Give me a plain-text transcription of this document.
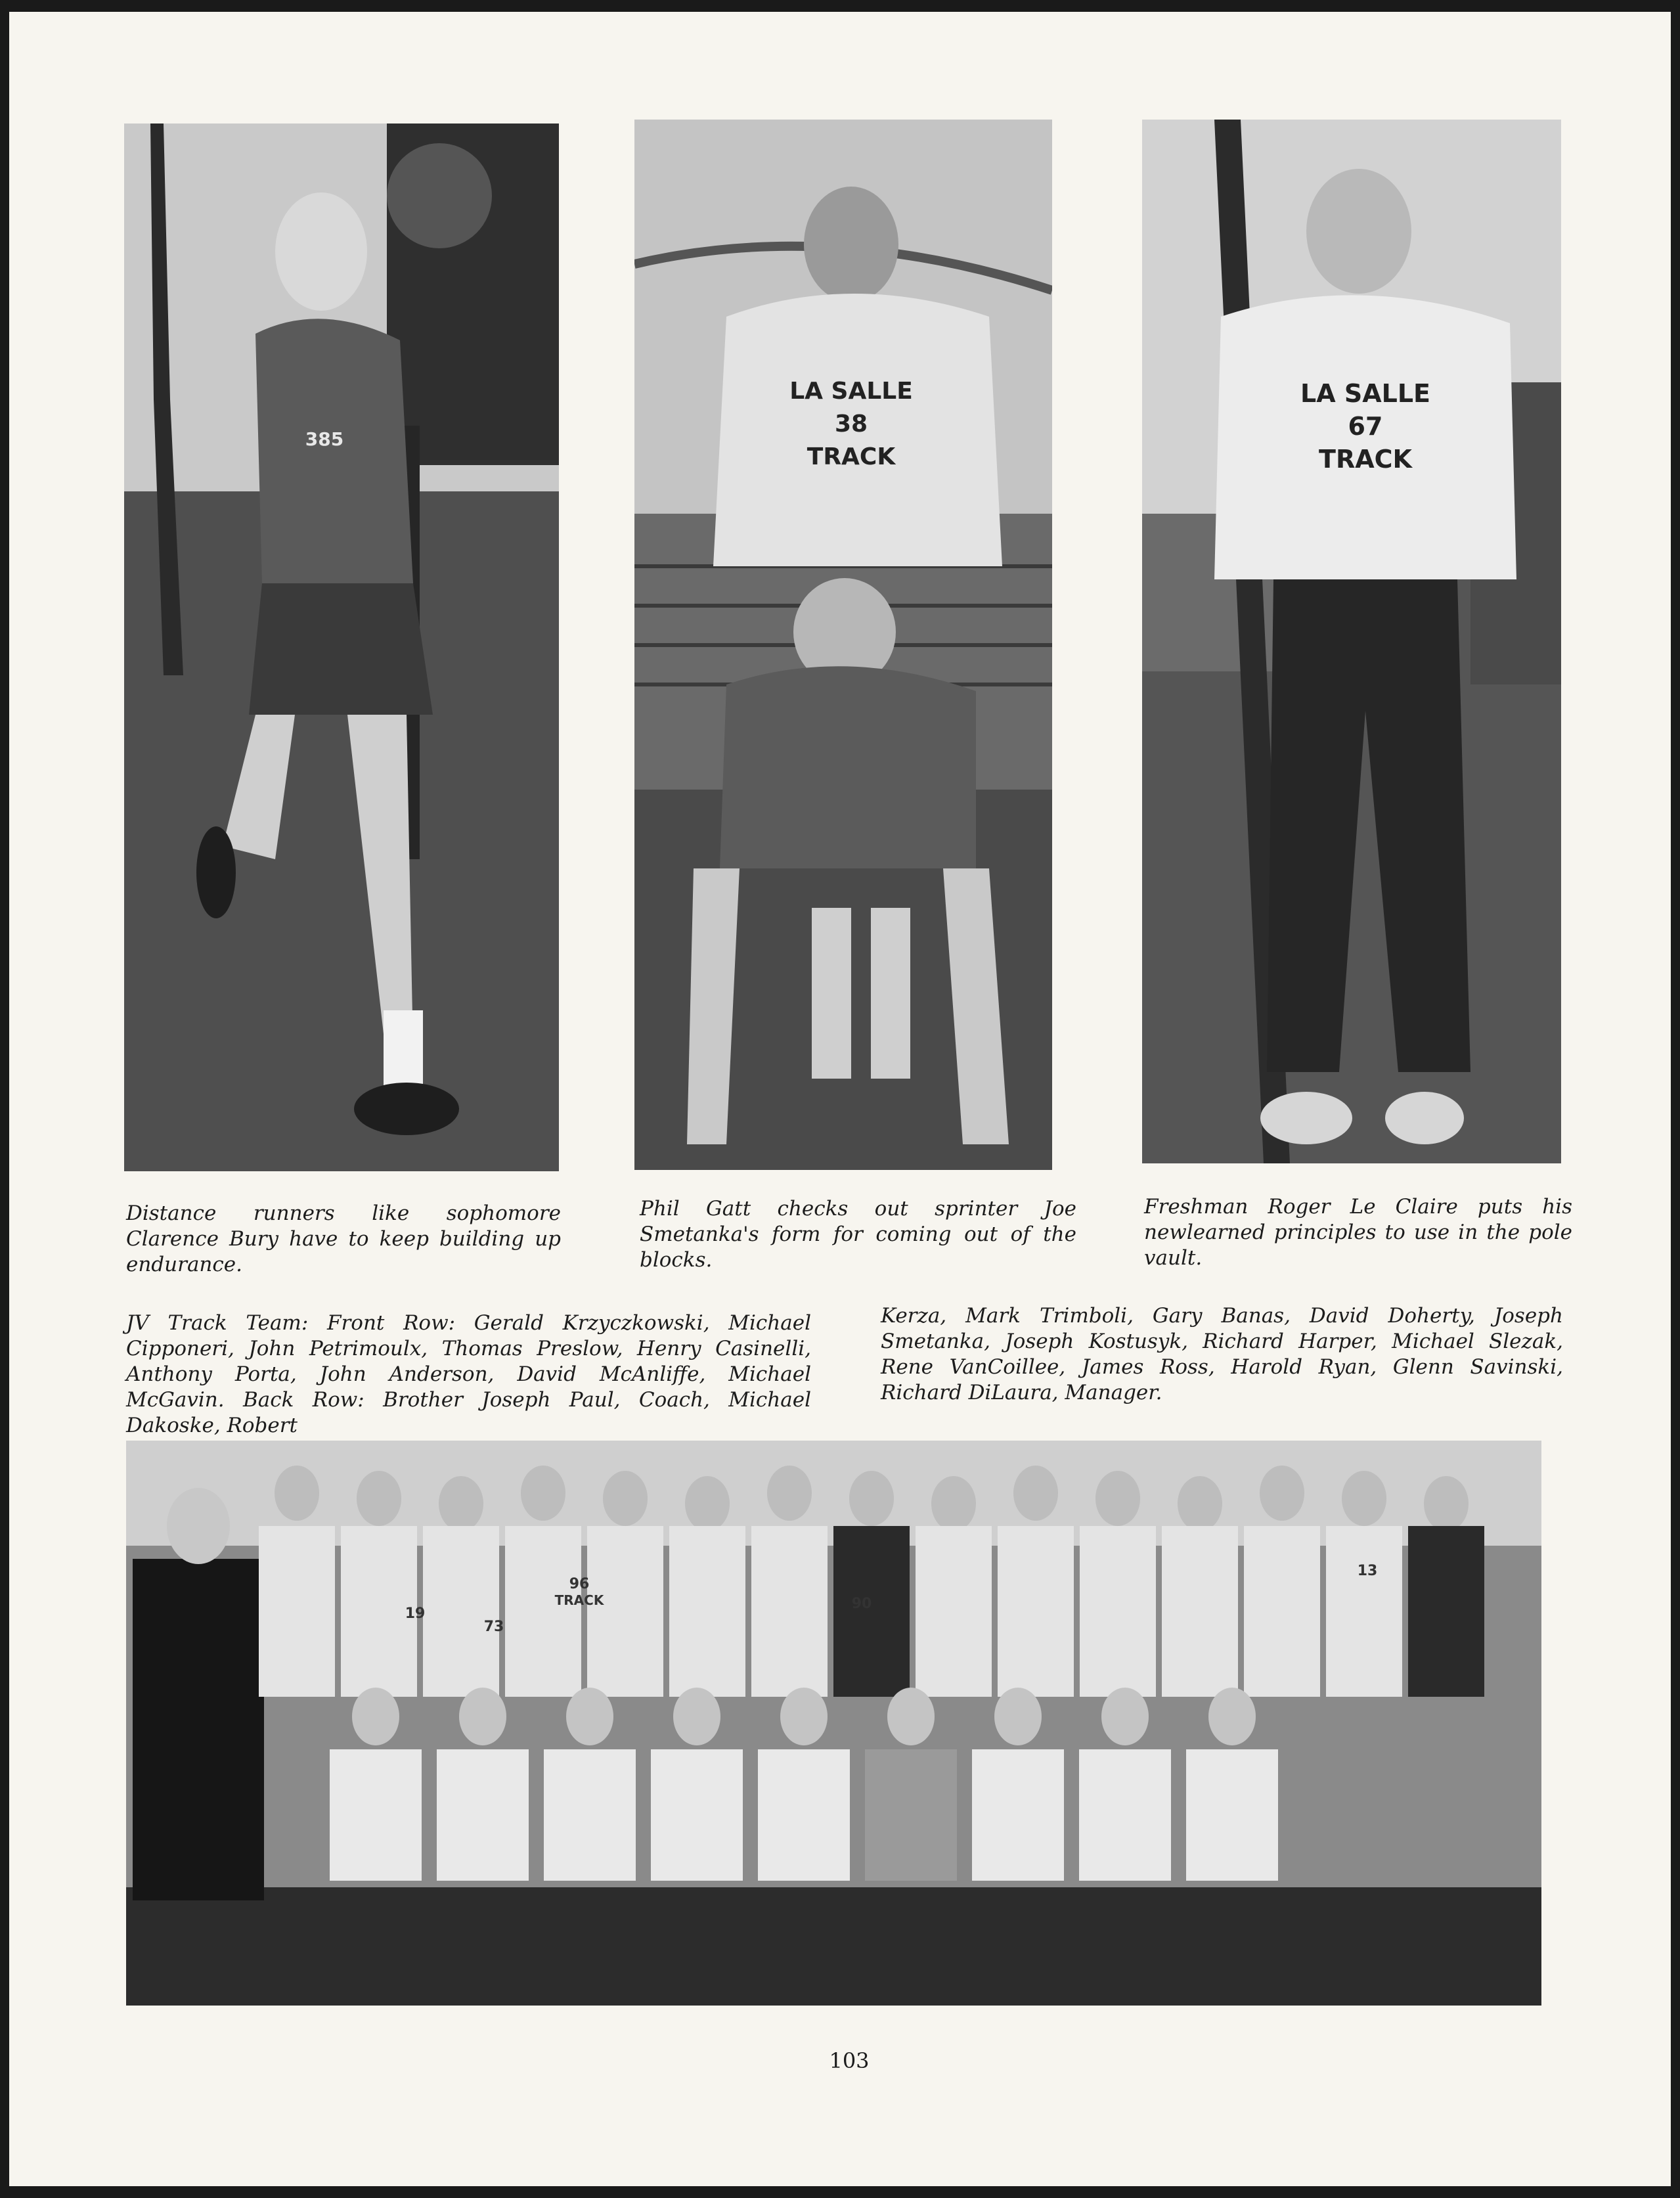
385

Distance runners like sophomore Clarence Bury have to keep building up endurance.

LA SALLE
38
TRACK

Phil Gatt checks out sprinter Joe Smetanka's form for coming out of the blocks.

LA SALLE
67
TRACK

Freshman Roger Le Claire puts his newlearned principles to use in the pole vault.

JV Track Team: Front Row: Gerald Krzyczkowski, Michael Cipponeri, John Petrimoulx, Thomas Preslow, Henry Casinelli, Anthony Porta, John Anderson, David McAnliffe, Michael McGavin. Back Row: Brother Joseph Paul, Coach, Michael Dakoske, Robert

Kerza, Mark Trimboli, Gary Banas, David Doherty, Joseph Smetanka, Joseph Kostusyk, Richard Harper, Michael Slezak, Rene VanCoillee, James Ross, Harold Ryan, Glenn Savinski, Richard DiLaura, Manager.

19
73
96
90
13
TRACK
103
